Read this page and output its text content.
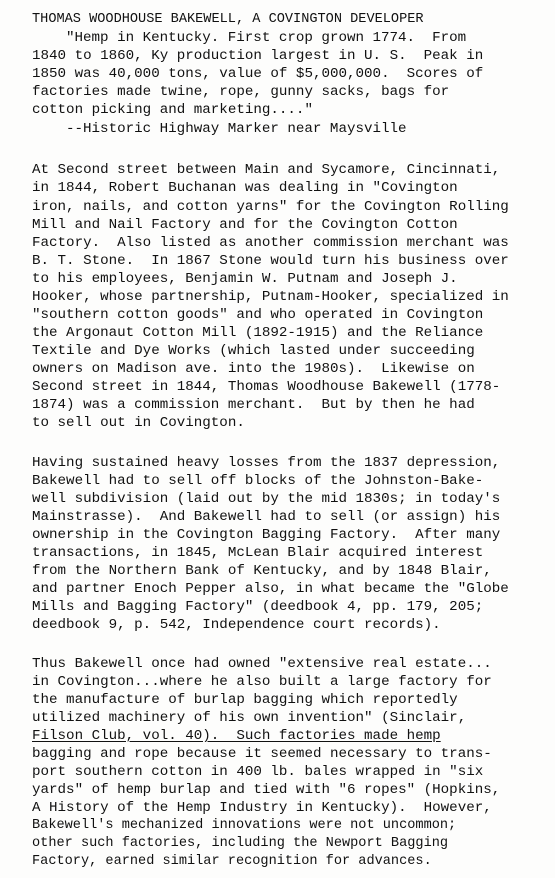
THOMAS WOODHOUSE BAKEWELL, A COVINGTON DEVELOPER
"Hemp in Kentucky. First crop grown 1774.  From
1840 to 1860, Ky production largest in U. S.  Peak in
1850 was 40,000 tons, value of $5,000,000.  Scores of
factories made twine, rope, gunny sacks, bags for
cotton picking and marketing...."
--Historic Highway Marker near Maysville
At Second street between Main and Sycamore, Cincinnati,
in 1844, Robert Buchanan was dealing in "Covington
iron, nails, and cotton yarns" for the Covington Rolling
Mill and Nail Factory and for the Covington Cotton
Factory.  Also listed as another commission merchant was
B. T. Stone.  In 1867 Stone would turn his business over
to his employees, Benjamin W. Putnam and Joseph J.
Hooker, whose partnership, Putnam-Hooker, specialized in
"southern cotton goods" and who operated in Covington
the Argonaut Cotton Mill (1892-1915) and the Reliance
Textile and Dye Works (which lasted under succeeding
owners on Madison ave. into the 1980s).  Likewise on
Second street in 1844, Thomas Woodhouse Bakewell (1778-
1874) was a commission merchant.  But by then he had
to sell out in Covington.
Having sustained heavy losses from the 1837 depression,
Bakewell had to sell off blocks of the Johnston-Bake-
well subdivision (laid out by the mid 1830s; in today's
Mainstrasse).  And Bakewell had to sell (or assign) his
ownership in the Covington Bagging Factory.  After many
transactions, in 1845, McLean Blair acquired interest
from the Northern Bank of Kentucky, and by 1848 Blair,
and partner Enoch Pepper also, in what became the "Globe
Mills and Bagging Factory" (deedbook 4, pp. 179, 205;
deedbook 9, p. 542, Independence court records).
Thus Bakewell once had owned "extensive real estate...
in Covington...where he also built a large factory for
the manufacture of burlap bagging which reportedly
utilized machinery of his own invention" (Sinclair,
Filson Club, vol. 40).  Such factories made hemp
bagging and rope because it seemed necessary to trans-
port southern cotton in 400 lb. bales wrapped in "six
yards" of hemp burlap and tied with "6 ropes" (Hopkins,
A History of the Hemp Industry in Kentucky).  However,
Bakewell's mechanized innovations were not uncommon;
other such factories, including the Newport Bagging
Factory, earned similar recognition for advances.
